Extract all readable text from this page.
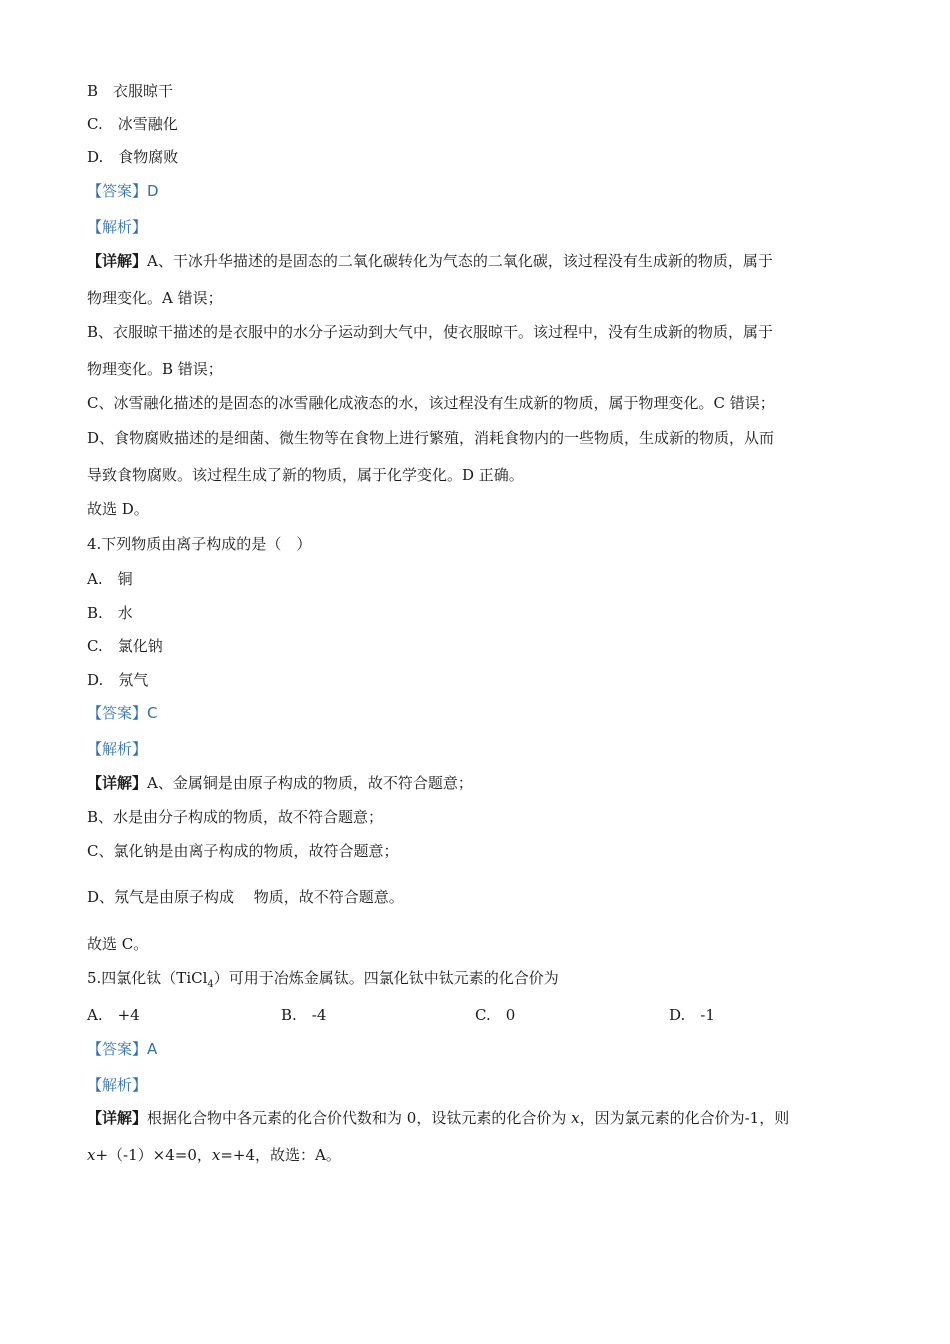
B　衣服晾干
C.　冰雪融化
D.　食物腐败
【答案】D
【解析】
【详解】A、干冰升华描述的是固态的二氧化碳转化为气态的二氧化碳，该过程没有生成新的物质，属于
物理变化。A 错误；
B、衣服晾干描述的是衣服中的水分子运动到大气中，使衣服晾干。该过程中，没有生成新的物质，属于
物理变化。B 错误；
C、冰雪融化描述的是固态的冰雪融化成液态的水，该过程没有生成新的物质，属于物理变化。C 错误；
D、食物腐败描述的是细菌、微生物等在食物上进行繁殖，消耗食物内的一些物质，生成新的物质，从而
导致食物腐败。该过程生成了新的物质，属于化学变化。D 正确。
故选 D。
4.下列物质由离子构成的是（　）
A.　铜
B.　水
C.　氯化钠
D.　氖气
【答案】C
【解析】
【详解】A、金属铜是由原子构成的物质，故不符合题意；
B、水是由分子构成的物质，故不符合题意；
C、氯化钠是由离子构成的物质，故符合题意；
D、氖气是由原子构成　 物质，故不符合题意。
故选 C。
5.四氯化钛（TiCl$_4$）可用于冶炼金属钛。四氯化钛中钛元素的化合价为
A.　+4	B.　-4	C.　0	D.　-1
【答案】A
【解析】
【详解】根据化合物中各元素的化合价代数和为 0，设钛元素的化合价为 x，因为氯元素的化合价为-1，则
x+（-1）×4=0，x=+4，故选：A。
